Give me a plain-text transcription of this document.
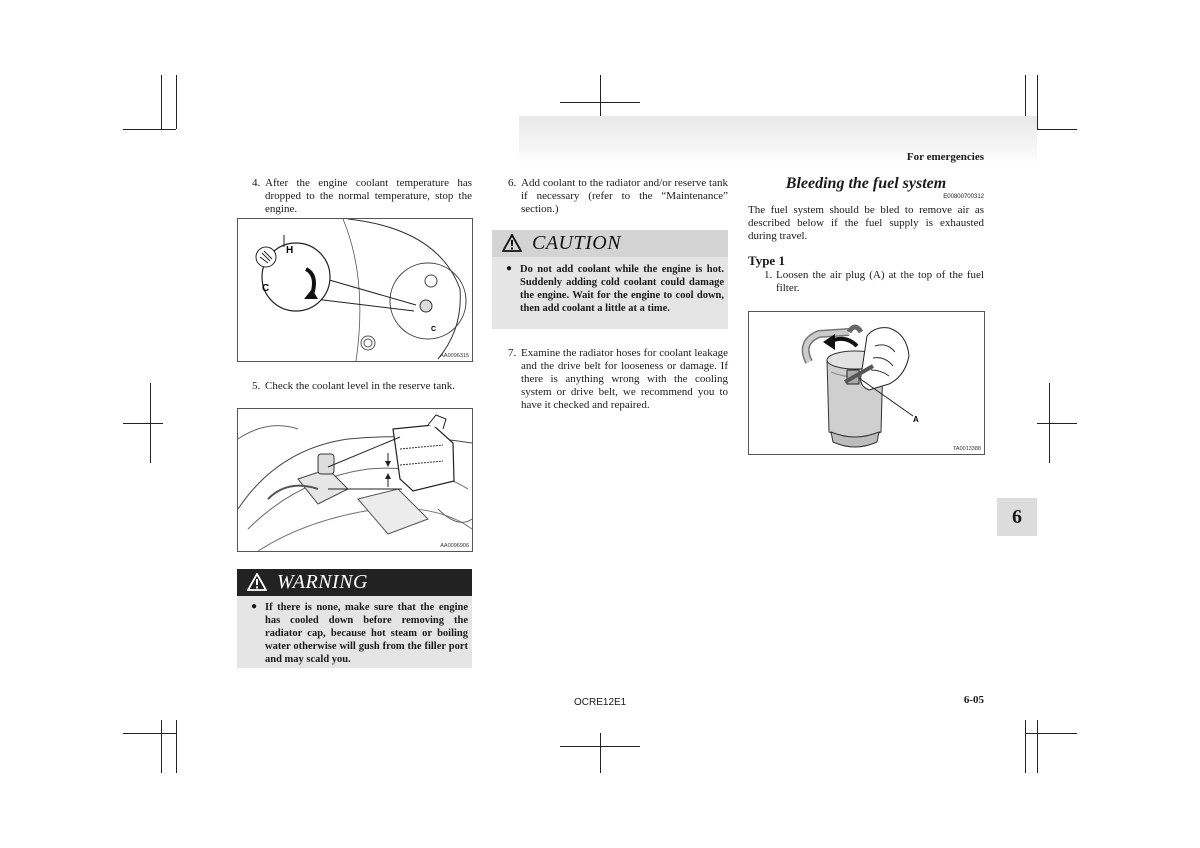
For emergencies
4. After the engine coolant temperature has dropped to the normal temperature, stop the engine.
H
C
C
AA0096315
5. Check the coolant level in the reserve tank.
AA0096906
WARNING
● If there is none, make sure that the engine has cooled down before removing the radiator cap, because hot steam or boiling water otherwise will gush from the filler port and may scald you.
6. Add coolant to the radiator and/or reserve tank if necessary (refer to the “Maintenance” section.)
CAUTION
● Do not add coolant while the engine is hot. Suddenly adding cold coolant could damage the engine. Wait for the engine to cool down, then add coolant a little at a time.
7. Examine the radiator hoses for coolant leakage and the drive belt for looseness or damage. If there is anything wrong with the cooling system or drive belt, we recommend you to have it checked and repaired.
Bleeding the fuel system
E00800700312
The fuel system should be bled to remove air as described below if the fuel supply is exhausted during travel.
Type 1
1. Loosen the air plug (A) at the top of the fuel filter.
A
TA0013388
6
OCRE12E1	6-05
